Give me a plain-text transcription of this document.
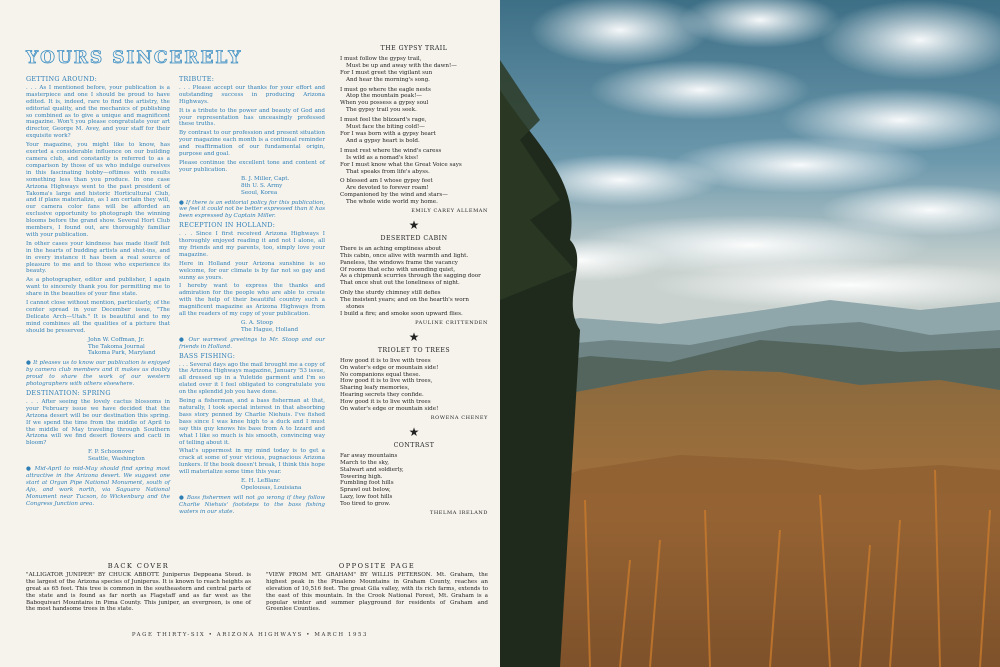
YOURS SINCERELY
GETTING AROUND:

. . . As I mentioned before, your publication is a masterpiece and one I should be proud to have edited. It is, indeed, rare to find the artistry, the editorial quality, and the mechanics of publishing so combined as to give a unique and magnificent magazine. Won't you please congratulate your art director, George M. Avey, and your staff for their exquisite work?

Your magazine, you might like to know, has exerted a considerable influence on our building camera club, and constantly is referred to as a comparison by those of us who indulge ourselves in this fascinating hobby—oftimes with results something less than you produce. In one case Arizona Highways went to the past president of Takoma's large and historic Horticultural Club, and if plans materialize, as I am certain they will, our camera color fans will be afforded an exclusive opportunity to photograph the winning blooms before the grand show. Several Hort Club members, I found out, are thoroughly familiar with your publication.

In other cases your kindness has made itself felt in the hearts of budding artists and shut-ins, and in every instance it has been a real source of pleasure to me and to those who experience its beauty.

As a photographer, editor and publisher, I again want to sincerely thank you for permitting me to share in the beauties of your fine state.

I cannot close without mention, particularly, of the center spread in your December issue, "The Delicate Arch—Utah." It is beautiful and to my mind combines all the qualities of a picture that should be preserved.

John W. Coffman, Jr.
The Takoma Journal
Takoma Park, Maryland

● It pleases us to know our publication is enjoyed by camera club members and it makes us doubly proud to share the work of our western photographers with others elsewhere.

DESTINATION: SPRING

. . . After seeing the lovely cactus blossoms in your February issue we have decided that the Arizona desert will be our destination this spring. If we spend the time from the middle of April to the middle of May traveling through Southern Arizona will we find desert flowers and cacti in bloom?

F. P. Schoonover
Seattle, Washington

● Mid-April to mid-May should find spring most attractive in the Arizona desert. We suggest one start at Organ Pipe National Monument, south of Ajo, and work north, via Saguaro National Monument near Tucson, to Wickenburg and the Congress Junction area.

TRIBUTE:

. . . Please accept our thanks for your effort and outstanding success in producing Arizona Highways.

It is a tribute to the power and beauty of God and your representation has unceasingly professed these truths.

By contrast to our profession and present situation your magazine each month is a continual reminder and reaffirmation of our fundamental origin, purpose and goal.

Please continue the excellent tone and content of your publication.

B. J. Miller, Capt.
8th U. S. Army
Seoul, Korea

● If there is an editorial policy for this publication, we feel it could not be better expressed than it has been expressed by Captain Miller.

RECEPTION IN HOLLAND:

. . . Since I first received Arizona Highways I thoroughly enjoyed reading it and not I alone, all my friends and my parents, too, simply love your magazine.

Here in Holland your Arizona sunshine is so welcome, for our climate is by far not so gay and sunny as yours.

I hereby want to express the thanks and admiration for the people who are able to create with the help of their beautiful country such a magnificent magazine as Arizona Highways from all the readers of my copy of your publication.

G. A. Stoop
The Hague, Holland

● Our warmest greetings to Mr. Stoop and our friends in Holland.

BASS FISHING:

. . . Several days ago the mail brought me a copy of the Arizona Highways magazine, January '53 issue, all dressed up in a Yuletide garment and I'm so elated over it I feel obligated to congratulate you on the splendid job you have done.

Being a fisherman, and a bass fisherman at that, naturally, I took special interest in that absorbing bass story penned by Charlie Niehuis. I've fished bass since I was knee high to a duck and I must say this guy knows his bass from A to Izzard and what I like so much is his smooth, convincing way of telling about it.

What's uppermost in my mind today is to get a crack at some of your vicious, pugnacious Arizona lunkers. If the book doesn't break, I think this hope will materialize some time this year.

E. H. LeBlanc
Opelousas, Louisiana

● Bass fishermen will not go wrong if they follow Charlie Niehuis' footsteps to the bass fishing waters in our state.

THE GYPSY TRAIL
I must follow the gypsy trail,
Must be up and away with the dawn!—
For I must greet the vigilant sun
And hear the morning's song.

I must go where the eagle nests
Atop the mountain peak!—
When you possess a gypsy soul
The gypsy trail you seek.

I must feel the blizzard's rage,
Must face the biting cold!—
For I was born with a gypsy heart
And a gypsy heart is bold.

I must rest where the wind's caress
Is wild as a nomad's kiss!
For I must know what the Great Voice says
That speaks from life's abyss.

O blessed am I whose gypsy feet
Are devoted to forever roam!
Companioned by the wind and stars—
The whole wide world my home.
EMILY CAREY ALLEMAN
★
DESERTED CABIN
There is an aching emptiness about
This cabin, once alive with warmth and light.
Paneless, the windows frame the vacancy
Of rooms that echo with unending quiet,
As a chipmunk scurries through the sagging door
That once shut out the loneliness of night.

Only the sturdy chimney still defies
The insistent years; and on the hearth's worn
stones
I build a fire; and smoke soon upward flies.
PAULINE CRITTENDEN
★
TRIOLET TO TREES
How good it is to live with trees
On water's edge or mountain side!
No companions equal these.
How good it is to live with trees,
Sharing leafy memories,
Hearing secrets they confide.
How good it is to live with trees
On water's edge or mountain side!
ROWENA CHENEY
★
CONTRAST
Far away mountains
March to the sky,
Stalwart and soldierly,
Towering high.
Fumbling foot hills
Sprawl out below,
Lazy, low foot hills
Too tired to grow.
THELMA IRELAND
BACK COVER
"ALLIGATOR JUNIPER" BY CHUCK ABBOTT. Juniperus Deppeana Steud. is the largest of the Arizona species of Juniperus. It is known to reach heights as great as 65 feet. This tree is common in the southeastern and central parts of the state and is found as far north as Flagstaff and as far west as the Baboquivari Mountains in Pima County. This juniper, an evergreen, is one of the most handsome trees in the state.
OPPOSITE PAGE
"VIEW FROM MT. GRAHAM" BY WILLIS PETERSON. Mt. Graham, the highest peak in the Pinaleno Mountains in Graham County, reaches an elevation of 10,516 feet. The great Gila valley, with its rich farms, extends to the east of this mountain. In the Crook National Forest, Mt. Graham is a popular winter and summer playground for residents of Graham and Greenlee Counties.
PAGE THIRTY-SIX • ARIZONA HIGHWAYS • MARCH 1953
